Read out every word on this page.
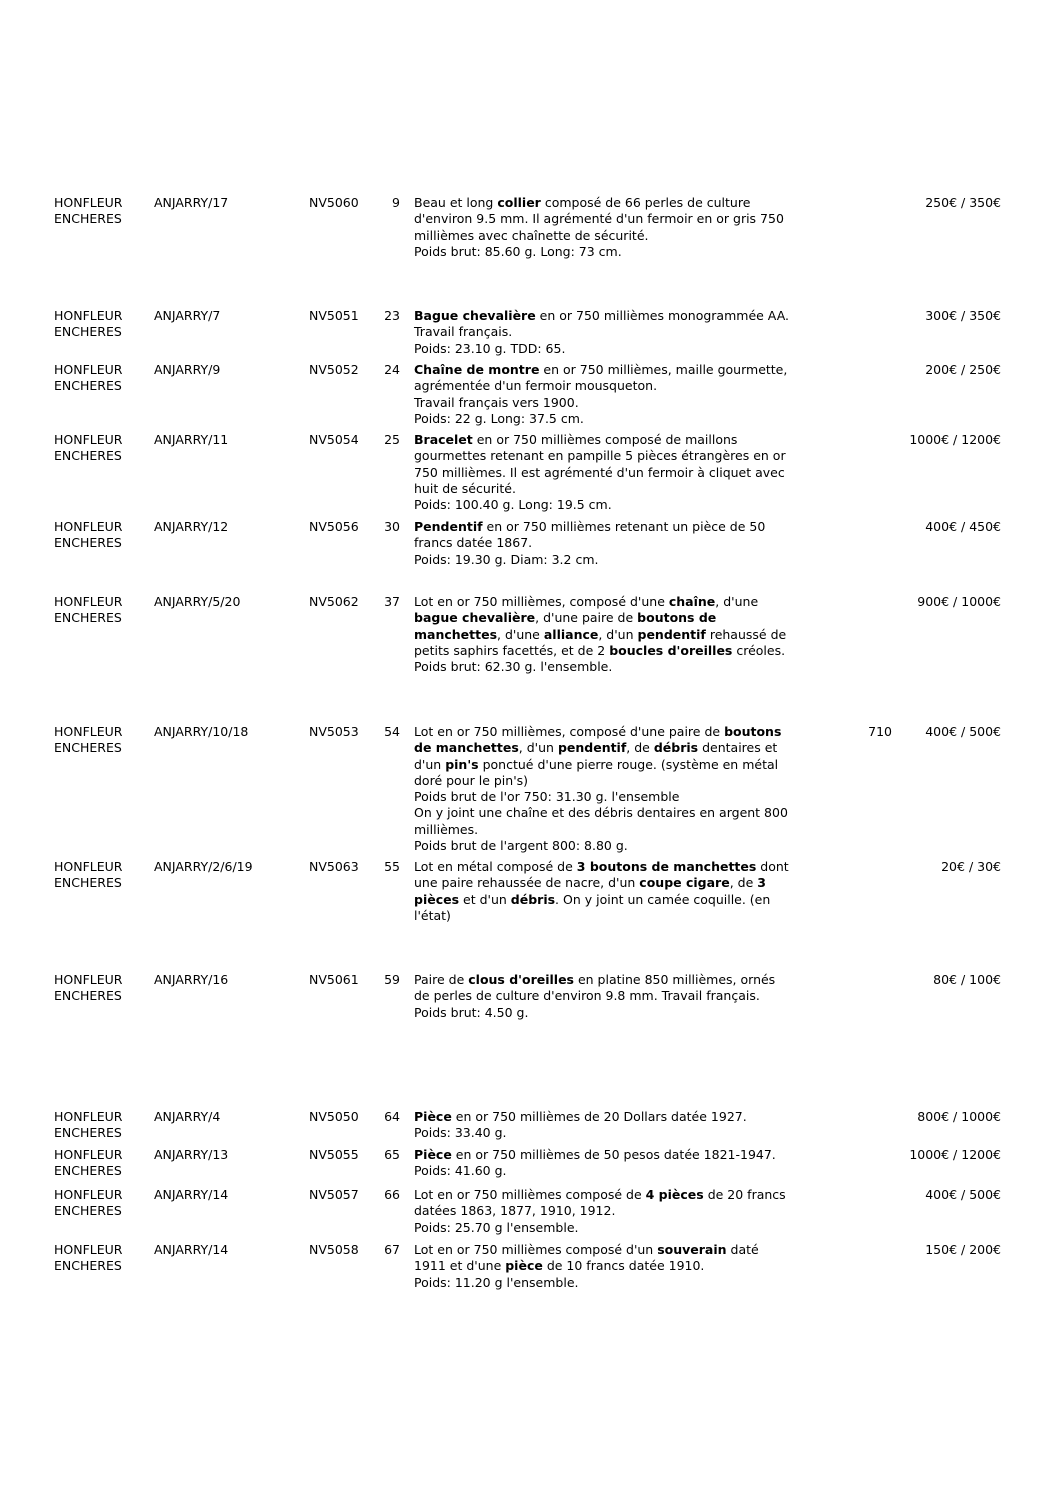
HONFLEUR
ENCHERES
ANJARRY/17	NV5060	9 Beau et long collier composé de 66 perles de culture
d'environ 9.5 mm. Il agrémenté d'un fermoir en or gris 750
millièmes avec chaînette de sécurité.
Poids brut: 85.60 g. Long: 73 cm.
250€ / 350€
HONFLEUR
ENCHERES
ANJARRY/7	NV5051	23 Bague chevalière en or 750 millièmes monogrammée AA.
Travail français.
Poids: 23.10 g. TDD: 65.
300€ / 350€
HONFLEUR
ENCHERES
ANJARRY/9	NV5052	24 Chaîne de montre en or 750 millièmes, maille gourmette,
agrémentée d'un fermoir mousqueton.
Travail français vers 1900.
Poids: 22 g. Long: 37.5 cm.
200€ / 250€
HONFLEUR
ENCHERES
ANJARRY/11	NV5054	25 Bracelet en or 750 millièmes composé de maillons
gourmettes retenant en pampille 5 pièces étrangères en or
750 millièmes. Il est agrémenté d'un fermoir à cliquet avec
huit de sécurité.
Poids: 100.40 g. Long: 19.5 cm.
1000€ / 1200€
HONFLEUR
ENCHERES
ANJARRY/12	NV5056	30 Pendentif en or 750 millièmes retenant un pièce de 50
francs datée 1867.
Poids: 19.30 g. Diam: 3.2 cm.
400€ / 450€
HONFLEUR
ENCHERES
ANJARRY/5/20	NV5062	37 Lot en or 750 millièmes, composé d'une chaîne, d'une
bague chevalière, d'une paire de boutons de
manchettes, d'une alliance, d'un pendentif rehaussé de
petits saphirs facettés, et de 2 boucles d'oreilles créoles.
Poids brut: 62.30 g. l'ensemble.
900€ / 1000€
HONFLEUR
ENCHERES
ANJARRY/10/18	NV5053	54 Lot en or 750 millièmes, composé d'une paire de boutons
de manchettes, d'un pendentif, de débris dentaires et
d'un pin's ponctué d'une pierre rouge. (système en métal
doré pour le pin's)
Poids brut de l'or 750: 31.30 g. l'ensemble
On y joint une chaîne et des débris dentaires en argent 800
millièmes.
Poids brut de l'argent 800: 8.80 g.
710	400€ / 500€
HONFLEUR
ENCHERES
ANJARRY/2/6/19	NV5063	55 Lot en métal composé de 3 boutons de manchettes dont
une paire rehaussée de nacre, d'un coupe cigare, de 3
pièces et d'un débris. On y joint un camée coquille. (en
l'état)
20€ / 30€
HONFLEUR
ENCHERES
ANJARRY/16	NV5061	59 Paire de clous d'oreilles en platine 850 millièmes, ornés
de perles de culture d'environ 9.8 mm. Travail français.
Poids brut: 4.50 g.
80€ / 100€
HONFLEUR
ENCHERES
ANJARRY/4	NV5050	64 Pièce en or 750 millièmes de 20 Dollars datée 1927.
Poids: 33.40 g.
800€ / 1000€
HONFLEUR
ENCHERES
ANJARRY/13	NV5055	65 Pièce en or 750 millièmes de 50 pesos datée 1821-1947.
Poids: 41.60 g.
1000€ / 1200€
HONFLEUR
ENCHERES
ANJARRY/14	NV5057	66 Lot en or 750 millièmes composé de 4 pièces de 20 francs
datées 1863, 1877, 1910, 1912.
Poids: 25.70 g l'ensemble.
400€ / 500€
HONFLEUR
ENCHERES
ANJARRY/14	NV5058	67 Lot en or 750 millièmes composé d'un souverain daté
1911 et d'une pièce de 10 francs datée 1910.
Poids: 11.20 g l'ensemble.
150€ / 200€
